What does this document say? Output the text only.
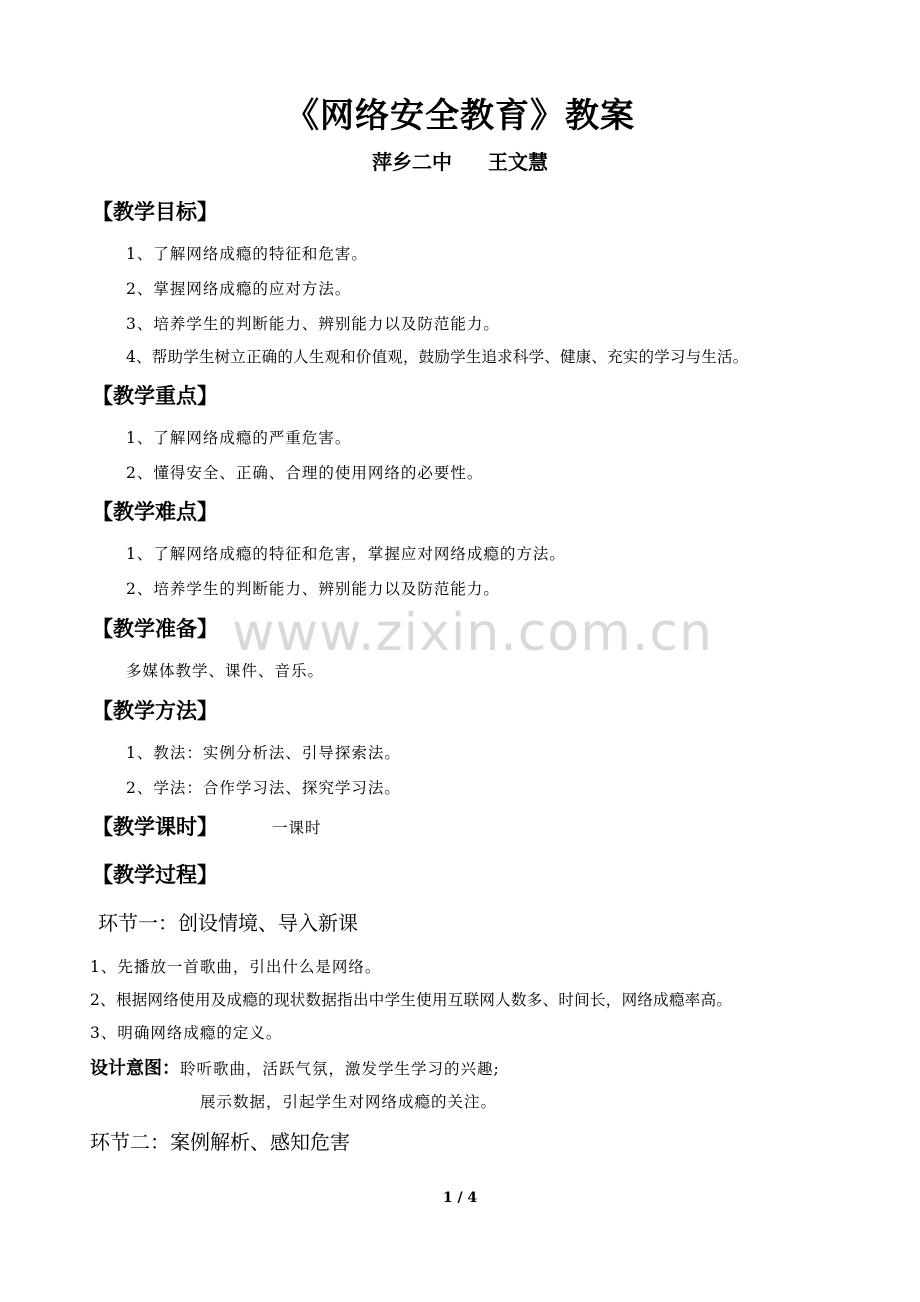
《网络安全教育》教案
萍乡二中 王文慧
【教学目标】
1、了解网络成瘾的特征和危害。
2、掌握网络成瘾的应对方法。
3、培养学生的判断能力、辨别能力以及防范能力。
4、帮助学生树立正确的人生观和价值观，鼓励学生追求科学、健康、充实的学习与生活。
【教学重点】
1、了解网络成瘾的严重危害。
2、懂得安全、正确、合理的使用网络的必要性。
【教学难点】
1、了解网络成瘾的特征和危害，掌握应对网络成瘾的方法。
2、培养学生的判断能力、辨别能力以及防范能力。
www.zixin.com.cn
【教学准备】
多媒体教学、课件、音乐。
【教学方法】
1、教法：实例分析法、引导探索法。
2、学法：合作学习法、探究学习法。
【教学课时】	一课时
【教学过程】
环节一：创设情境、导入新课
1、先播放一首歌曲，引出什么是网络。
2、根据网络使用及成瘾的现状数据指出中学生使用互联网人数多、时间长，网络成瘾率高。
3、明确网络成瘾的定义。
设计意图：聆听歌曲，活跃气氛，激发学生学习的兴趣;
展示数据，引起学生对网络成瘾的关注。
环节二：案例解析、感知危害
1 / 4
